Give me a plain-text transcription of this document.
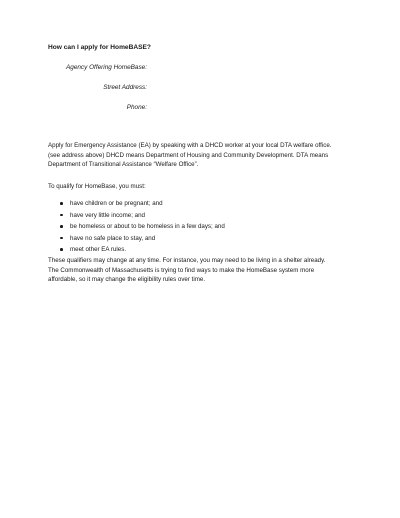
How can I apply for HomeBASE?
Agency Offering HomeBase:
Street Address:
Phone:
Apply for Emergency Assistance (EA) by speaking with a DHCD worker at your local DTA welfare office.
(see address above) DHCD means Department of Housing and Community Development. DTA means
Department of Transitional Assistance “Welfare Office”.
To qualify for HomeBase, you must:
have children or be pregnant; and
have very little income; and
be homeless or about to be homeless in a few days; and
have no safe place to stay, and
meet other EA rules.
These qualifiers may change at any time. For instance, you may need to be living in a shelter already.
The Commonwealth of Massachusetts is trying to find ways to make the HomeBase system more
affordable, so it may change the eligibility rules over time.
